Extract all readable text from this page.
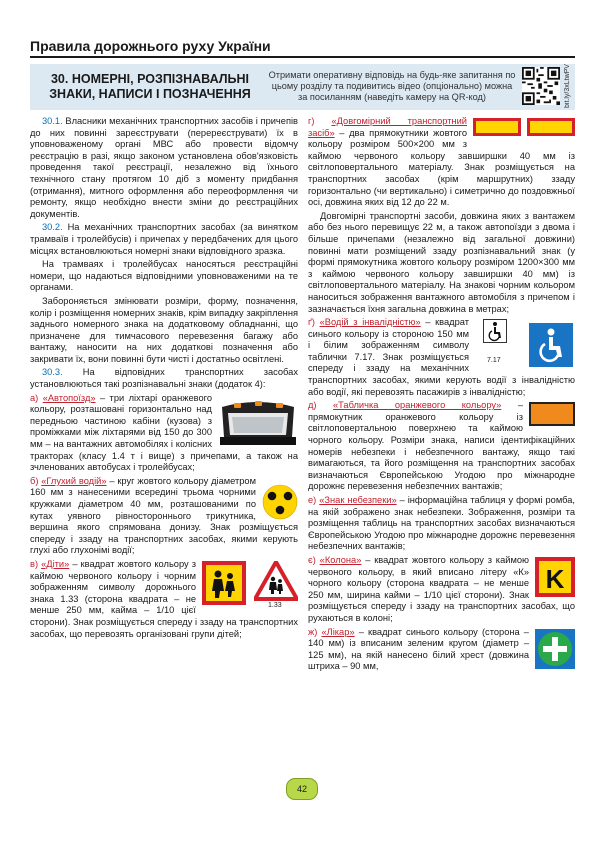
Правила дорожнього руху України
30. НОМЕРНІ, РОЗПІЗНАВАЛЬНІ ЗНАКИ, НАПИСИ І ПОЗНАЧЕННЯ
Отримати оперативну відповідь на будь-яке запитання по цьому розділу та подивитись відео (опціонально) можна за посиланням (наведіть камеру на QR-код)	bit.ly/3xLtwPV

30.1. Власники механічних транспортних засобів і причепів до них повинні зареєструвати (перереєструвати) їх в уповноваженому органі МВС або провести відомчу реєстрацію в разі, якщо законом установлена обов'язковість проведення такої реєстрації, незалежно від їхнього технічного стану протягом 10 діб з моменту придбання (отримання), митного оформлення або переоформлення чи ремонту, якщо необхідно внести зміни до реєстраційних документів.

30.2. На механічних транспортних засобах (за винятком трамваїв і тролейбусів) і причепах у передбачених для цього місцях встановлюються номерні знаки відповідного зразка.

На трамваях і тролейбусах наносяться реєстраційні номери, що надаються відповідними уповноваженими на те органами.

Забороняється змінювати розміри, форму, позначення, колір і розміщення номерних знаків, крім випадку закріплення заднього номерного знака на додатковому обладнанні, що призначене для тимчасового перевезення багажу або вантажу, наносити на них додаткові позначення або закривати їх, вони повинні бути чисті і достатньо освітлені.

30.3. На відповідних транспортних засобах установлюються такі розпізнавальні знаки (додаток 4):

а) «Автопоїзд» – три ліхтарі оранжевого кольору, розташовані горизонтально над передньою частиною кабіни (кузова) з проміжками між ліхтарями від 150 до 300 мм – на вантажних автомобілях і колісних тракторах (класу 1.4 т і вище) з причепами, а також на зчленованих автобусах і тролейбусах;

б) «Глухий водій» – круг жовтого кольору діаметром 160 мм з нанесеними всередині трьома чорними кружками діаметром 40 мм, розташованими по кутах уявного рівностороннього трикутника, вершина якого спрямована донизу. Знак розміщується спереду і ззаду на транспортних засобах, якими керують глухі або глухонімі водії;

1.33
в) «Діти» – квадрат жовтого кольору з каймою червоного кольору і чорним зображенням символу дорожнього знака 1.33 (сторона квадрата – не менше 250 мм, кайма – 1/10 цієї сторони). Знак розміщується спереду і ззаду на транспортних засобах, що перевозять організовані групи дітей;

г) «Довгомірний транспортний засіб» – два прямокутники жовтого кольору розміром 500×200 мм з каймою червоного кольору завширшки 40 мм із світлоповертального матеріалу. Знак розміщується на транспортних засобах (крім маршрутних) ззаду горизонтально (чи вертикально) і симетрично до поздовжньої осі, довжина яких від 12 до 22 м.

Довгомірні транспортні засоби, довжина яких з вантажем або без нього перевищує 22 м, а також автопоїзди з двома і більше причепами (незалежно від загальної довжини) повинні мати розміщений ззаду розпізнавальний знак (у формі прямокутника жовтого кольору розміром 1200×300 мм з каймою червоного кольору завширшки 40 мм) із світлоповертального матеріалу. На знакові чорним кольором наноситься зображення вантажного автомобіля з причепом і зазначається їхня загальна довжина в метрах;

7.17
ґ) «Водій з інвалідністю» – квадрат синього кольору із стороною 150 мм і білим зображенням символу таблички 7.17. Знак розміщується спереду і ззаду на механічних транспортних засобах, якими керують водії з інвалідністю або водії, які перевозять пасажирів з інвалідністю;

д) «Табличка оранжевого кольору» – прямокутник оранжевого кольору із світлоповертальною поверхнею та каймою чорного кольору. Розміри знака, написи ідентифікаційних номерів небезпеки і небезпечного вантажу, якщо такі вимагаються, та його розміщення на транспортних засобах визначаються Європейською Угодою про міжнародне дорожнє перевезення небезпечних вантажів;

е) «Знак небезпеки» – інформаційна таблиця у формі ромба, на якій зображено знак небезпеки. Зображення, розміри та розміщення таблиць на транспортних засобах визначаються Європейською Угодою про міжнародне дорожнє перевезення небезпечних вантажів;

K
є) «Колона» – квадрат жовтого кольору з каймою червоного кольору, в який вписано літеру «К» чорного кольору (сторона квадрата – не менше 250 мм, ширина кайми – 1/10 цієї сторони). Знак розміщується спереду і ззаду на транспортних засобах, що рухаються в колоні;

ж) «Лікар» – квадрат синього кольору (сторона – 140 мм) із вписаним зеленим кругом (діаметр – 125 мм), на якій нанесено білий хрест (довжина штриха – 90 мм,

42
